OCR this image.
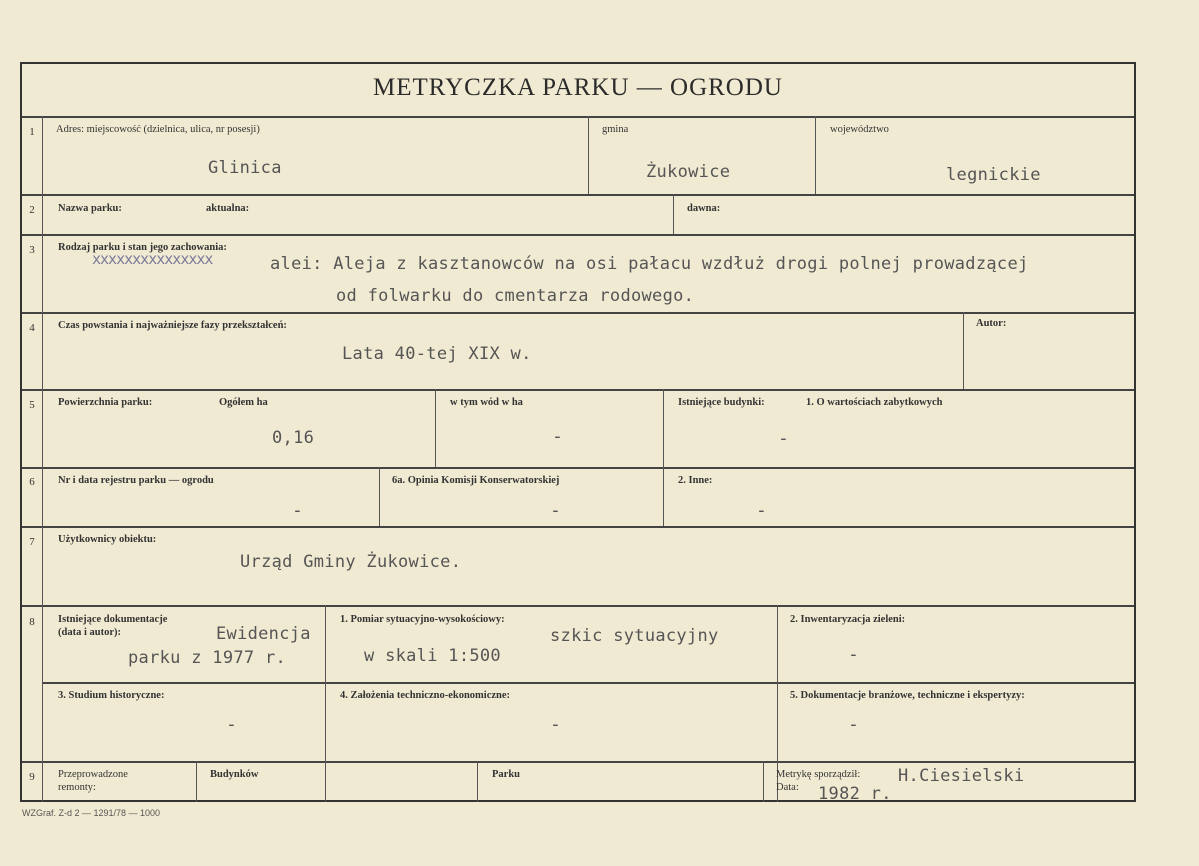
METRYCZKA PARKU — OGRODU
1	Adres: miejscowość (dzielnica, ulica, nr posesji)
Glinica
gmina
Żukowice
województwo
legnickie
2	Nazwa parku:	aktualna:	dawna:
3	Rodzaj parku i stan jego zachowania:
xxxxxxxxxxxxxxx	alei: Aleja z kasztanowców na osi pałacu wzdłuż drogi polnej prowadzącej
od folwarku do cmentarza rodowego.
4	Czas powstania i najważniejsze fazy przekształceń:
Lata 40-tej XIX w.
Autor:
5	Powierzchnia parku:	Ogółem ha
0,16
w tym wód w ha
-
Istniejące budynki:	1. O wartościach zabytkowych
-
6	Nr i data rejestru parku — ogrodu
-
6a. Opinia Komisji Konserwatorskiej
-
2. Inne:
-
7	Użytkownicy obiektu:
Urząd Gminy Żukowice.
8	Istniejące dokumentacje
(data i autor):	Ewidencja
parku z 1977 r.
1. Pomiar sytuacyjno-wysokościowy:
szkic sytuacyjny
w skali 1:500
2. Inwentaryzacja zieleni:
-
3. Studium historyczne:
-
4. Założenia techniczno-ekonomiczne:
-
5. Dokumentacje branżowe, techniczne i ekspertyzy:
-
9	Przeprowadzone
remonty:
Budynków	Parku	Metrykę sporządził: H.Ciesielski
Data: 1982 r.
WZGraf. Z-d 2 — 1291/78 — 1000
